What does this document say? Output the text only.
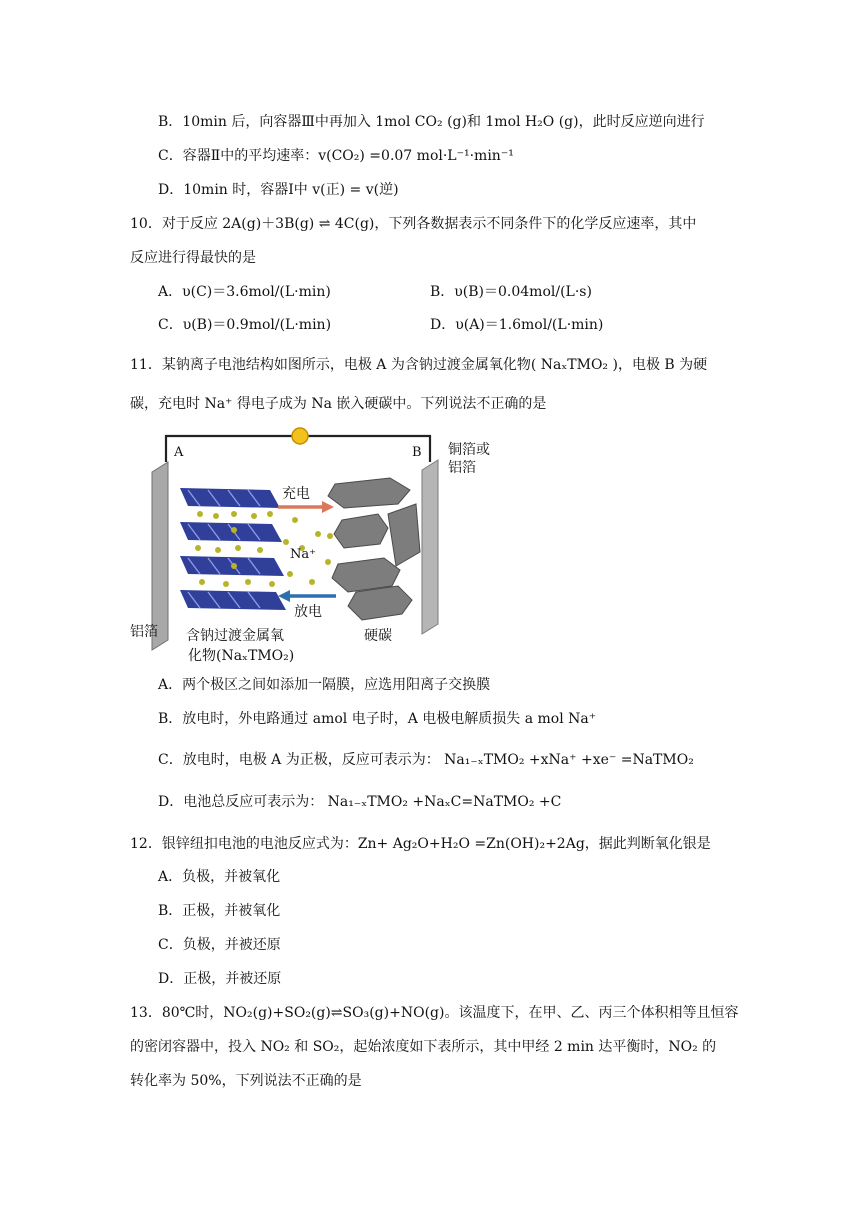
B．10min 后，向容器Ⅲ中再加入 1mol CO₂ (g)和 1mol H₂O (g)，此时反应逆向进行
C．容器Ⅱ中的平均速率：v(CO₂) =0.07 mol·L⁻¹·min⁻¹
D．10min 时，容器Ⅰ中 v(正) = v(逆)
10．对于反应 2A(g)＋3B(g) ⇌ 4C(g)，下列各数据表示不同条件下的化学反应速率，其中
反应进行得最快的是
A．υ(C)＝3.6mol/(L·min)	B．υ(B)＝0.04mol/(L·s)
C．υ(B)＝0.9mol/(L·min)	D．υ(A)＝1.6mol/(L·min)
11．某钠离子电池结构如图所示，电极 A 为含钠过渡金属氧化物( NaₓTMO₂ )，电极 B 为硬
碳，充电时 Na⁺ 得电子成为 Na 嵌入硬碳中。下列说法不正确的是
A	B 铜箔或
铝箔
充电
Na⁺
放电
铝箔 含钠过渡金属氧
化物(NaₓTMO₂)
硬碳
A．两个极区之间如添加一隔膜，应选用阳离子交换膜
B．放电时，外电路通过 amol 电子时，A 电极电解质损失 a mol Na⁺
C．放电时，电极 A 为正极，反应可表示为： Na₁₋ₓTMO₂ +xNa⁺ +xe⁻ =NaTMO₂
D．电池总反应可表示为： Na₁₋ₓTMO₂ +NaₓC=NaTMO₂ +C
12．银锌纽扣电池的电池反应式为：Zn+ Ag₂O+H₂O =Zn(OH)₂+2Ag，据此判断氧化银是
A．负极，并被氧化
B．正极，并被氧化
C．负极，并被还原
D．正极，并被还原
13．80℃时，NO₂(g)+SO₂(g)⇌SO₃(g)+NO(g)。该温度下，在甲、乙、丙三个体积相等且恒容
的密闭容器中，投入 NO₂ 和 SO₂，起始浓度如下表所示，其中甲经 2 min 达平衡时，NO₂ 的
转化率为 50%，下列说法不正确的是
